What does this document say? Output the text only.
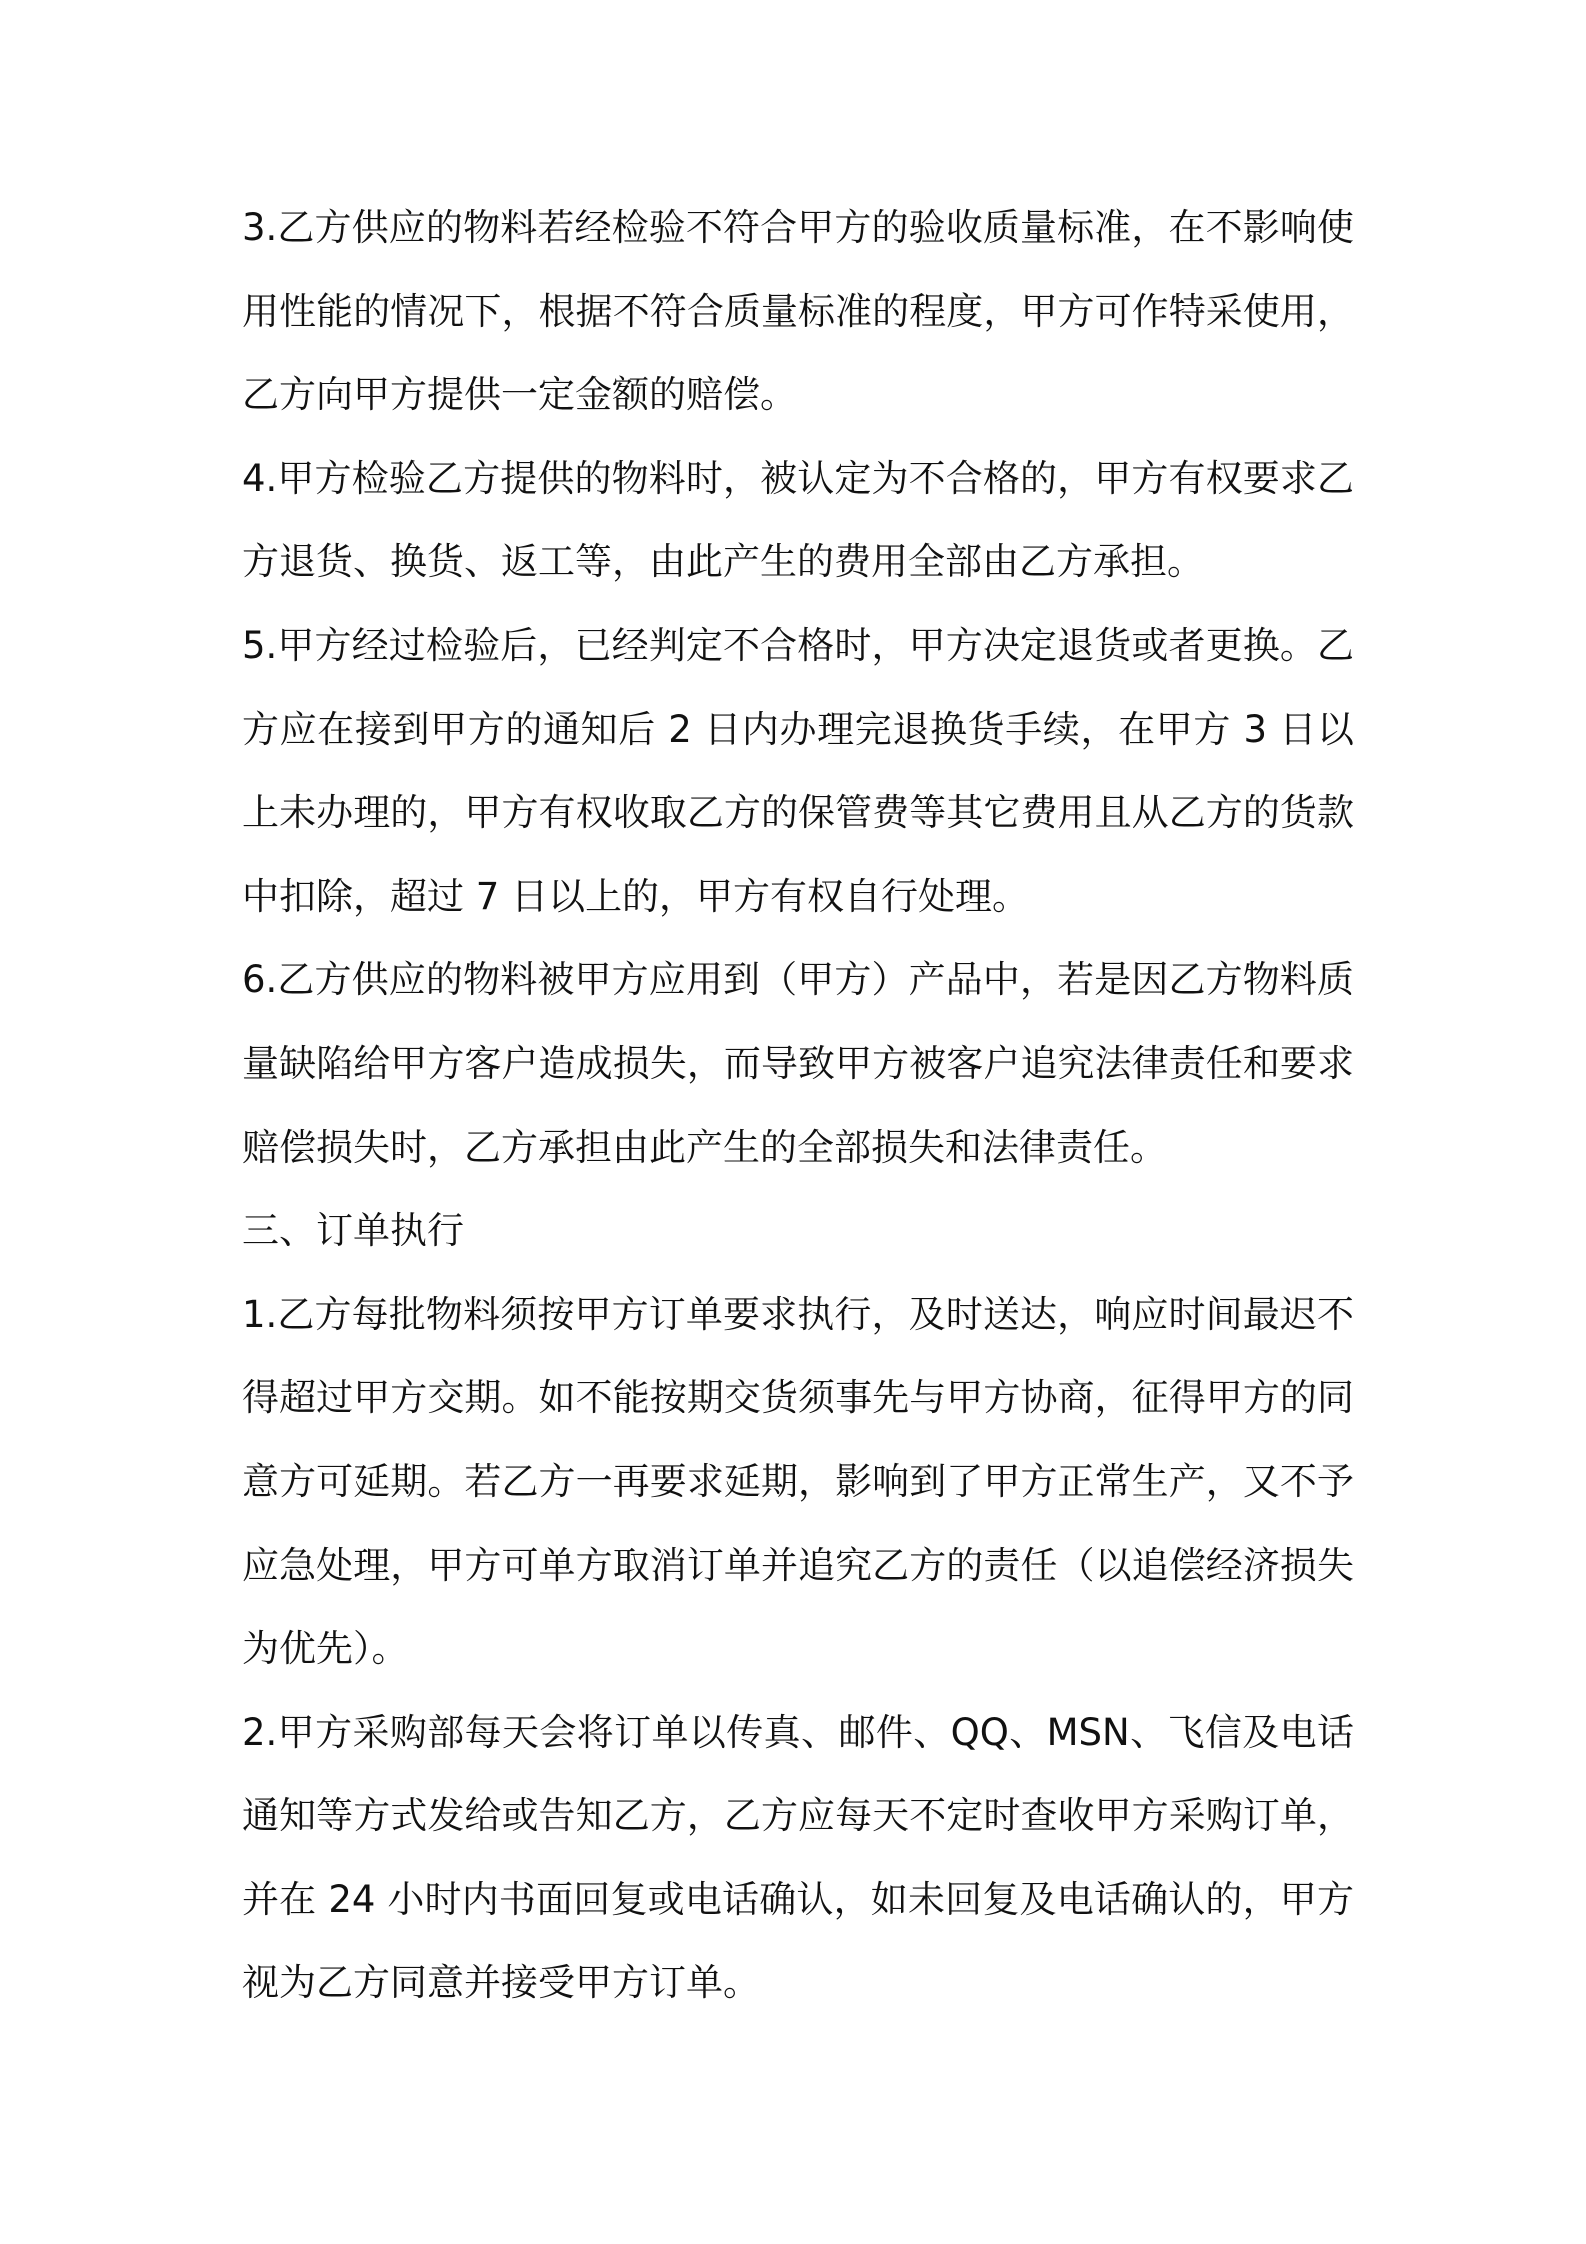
3.乙方供应的物料若经检验不符合甲方的验收质量标准，在不影响使
用性能的情况下，根据不符合质量标准的程度，甲方可作特采使用，
乙方向甲方提供一定金额的赔偿。
4.甲方检验乙方提供的物料时，被认定为不合格的，甲方有权要求乙
方退货、换货、返工等，由此产生的费用全部由乙方承担。
5.甲方经过检验后，已经判定不合格时，甲方决定退货或者更换。乙
方应在接到甲方的通知后 2 日内办理完退换货手续，在甲方 3 日以
上未办理的，甲方有权收取乙方的保管费等其它费用且从乙方的货款
中扣除，超过 7 日以上的，甲方有权自行处理。
6.乙方供应的物料被甲方应用到（甲方）产品中，若是因乙方物料质
量缺陷给甲方客户造成损失，而导致甲方被客户追究法律责任和要求
赔偿损失时，乙方承担由此产生的全部损失和法律责任。
三、订单执行
1.乙方每批物料须按甲方订单要求执行，及时送达，响应时间最迟不
得超过甲方交期。如不能按期交货须事先与甲方协商，征得甲方的同
意方可延期。若乙方一再要求延期，影响到了甲方正常生产，又不予
应急处理，甲方可单方取消订单并追究乙方的责任（以追偿经济损失
为优先）。
2.甲方采购部每天会将订单以传真、邮件、QQ、MSN、飞信及电话
通知等方式发给或告知乙方，乙方应每天不定时查收甲方采购订单，
并在 24 小时内书面回复或电话确认，如未回复及电话确认的，甲方
视为乙方同意并接受甲方订单。
